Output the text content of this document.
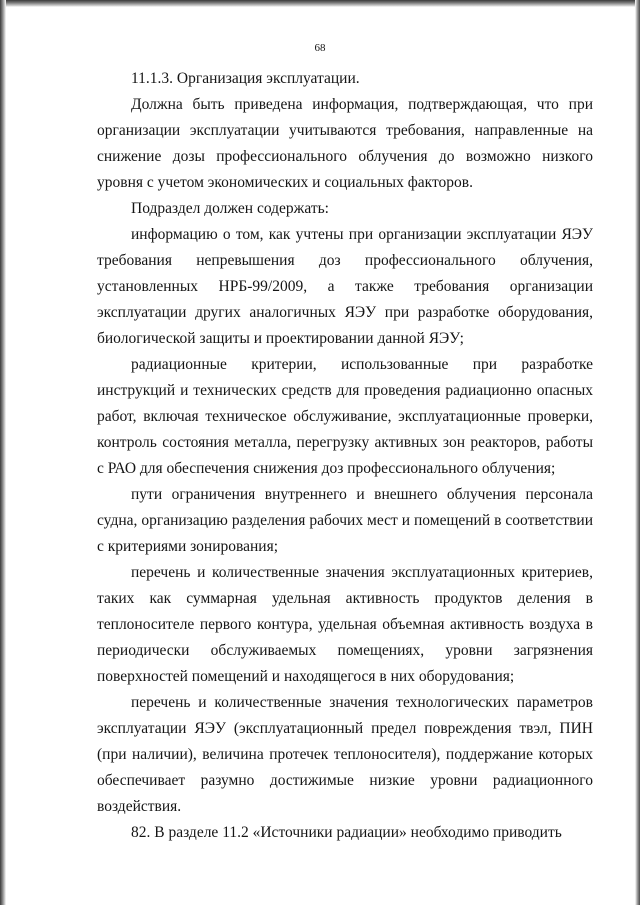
68

11.1.3. Организация эксплуатации.

Должна быть приведена информация, подтверждающая, что при организации эксплуатации учитываются требования, направленные на снижение дозы профессионального облучения до возможно низкого уровня с учетом экономических и социальных факторов.

Подраздел должен содержать:

информацию о том, как учтены при организации эксплуатации ЯЭУ требования непревышения доз профессионального облучения, установленных НРБ-99/2009, а также требования организации эксплуатации других аналогичных ЯЭУ при разработке оборудования, биологической защиты и проектировании данной ЯЭУ;

радиационные критерии, использованные при разработке инструкций и технических средств для проведения радиационно опасных работ, включая техническое обслуживание, эксплуатационные проверки, контроль состояния металла, перегрузку активных зон реакторов, работы с РАО для обеспечения снижения доз профессионального облучения;

пути ограничения внутреннего и внешнего облучения персонала судна, организацию разделения рабочих мест и помещений в соответствии с критериями зонирования;

перечень и количественные значения эксплуатационных критериев, таких как суммарная удельная активность продуктов деления в теплоносителе первого контура, удельная объемная активность воздуха в периодически обслуживаемых помещениях, уровни загрязнения поверхностей помещений и находящегося в них оборудования;

перечень и количественные значения технологических параметров эксплуатации ЯЭУ (эксплуатационный предел повреждения твэл, ПИН (при наличии), величина протечек теплоносителя), поддержание которых обеспечивает разумно достижимые низкие уровни радиационного воздействия.

82. В разделе 11.2 «Источники радиации» необходимо приводить
